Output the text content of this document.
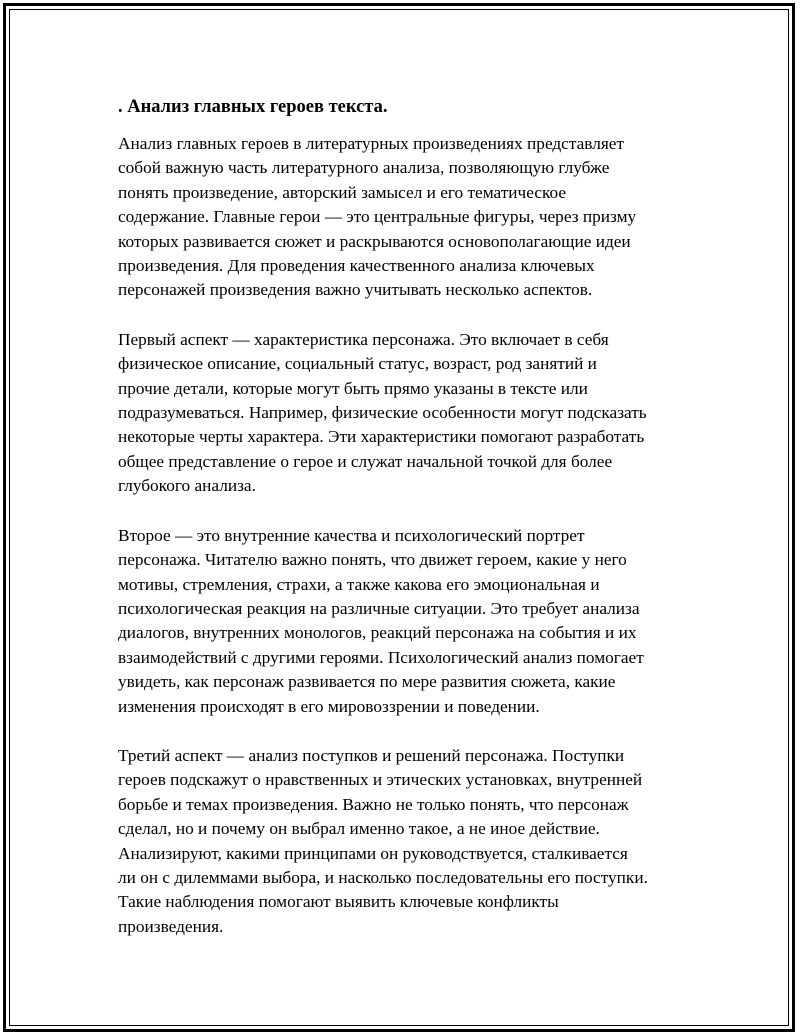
. Анализ главных героев текста.

Анализ главных героев в литературных произведениях представляет
собой важную часть литературного анализа, позволяющую глубже
понять произведение, авторский замысел и его тематическое
содержание. Главные герои — это центральные фигуры, через призму
которых развивается сюжет и раскрываются основополагающие идеи
произведения. Для проведения качественного анализа ключевых
персонажей произведения важно учитывать несколько аспектов.

Первый аспект — характеристика персонажа. Это включает в себя
физическое описание, социальный статус, возраст, род занятий и
прочие детали, которые могут быть прямо указаны в тексте или
подразумеваться. Например, физические особенности могут подсказать
некоторые черты характера. Эти характеристики помогают разработать
общее представление о герое и служат начальной точкой для более
глубокого анализа.

Второе — это внутренние качества и психологический портрет
персонажа. Читателю важно понять, что движет героем, какие у него
мотивы, стремления, страхи, а также какова его эмоциональная и
психологическая реакция на различные ситуации. Это требует анализа
диалогов, внутренних монологов, реакций персонажа на события и их
взаимодействий с другими героями. Психологический анализ помогает
увидеть, как персонаж развивается по мере развития сюжета, какие
изменения происходят в его мировоззрении и поведении.

Третий аспект — анализ поступков и решений персонажа. Поступки
героев подскажут о нравственных и этических установках, внутренней
борьбе и темах произведения. Важно не только понять, что персонаж
сделал, но и почему он выбрал именно такое, а не иное действие.
Анализируют, какими принципами он руководствуется, сталкивается
ли он с дилеммами выбора, и насколько последовательны его поступки.
Такие наблюдения помогают выявить ключевые конфликты
произведения.
